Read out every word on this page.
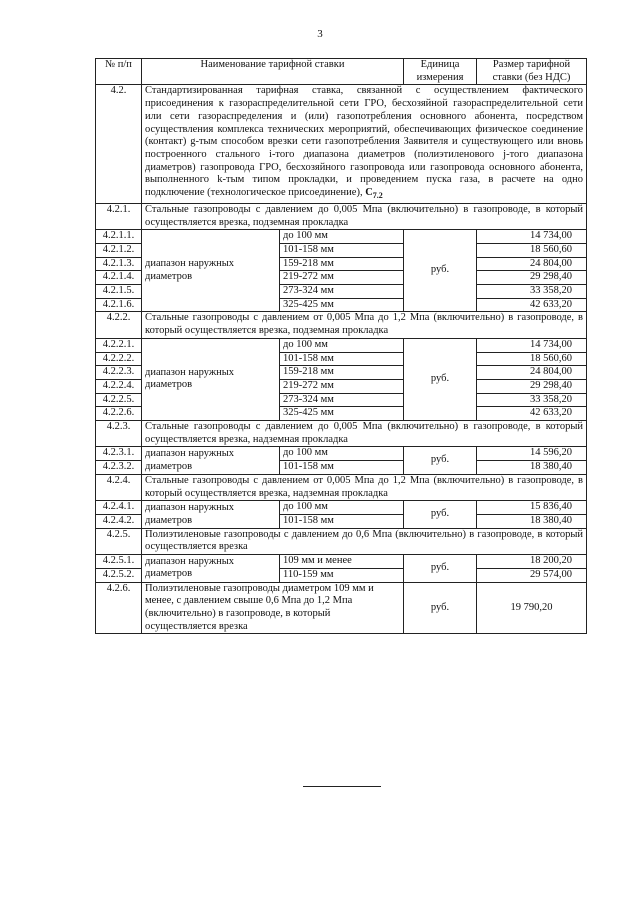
3
№ п/п	Наименование тарифной ставки		Единица измерения	Размер тарифной ставки (без НДС)
4.2.	Стандартизированная тарифная ставка, связанной с осуществлением фактического присоединения к газораспределительной сети ГРО, бесхозяйной газораспределительной сети или сети газораспределения и (или) газопотребления основного абонента, посредством осуществления комплекса технических мероприятий, обеспечивающих физическое соединение (контакт) g-тым способом врезки сети газопотребления Заявителя и существующего или вновь построенного стального i-того диапазона диаметров (полиэтиленового j-того диапазона диаметров) газопровода ГРО, бесхозяйного газопровода или газопровода основного абонента, выполненного k-тым типом прокладки, и проведением пуска газа, в расчете на одно подключение (технологическое присоединение), $C_{7.2}$
4.2.1.	Стальные газопроводы с давлением до 0,005 Мпа (включительно) в газопроводе, в который осуществляется врезка, подземная прокладка			
4.2.1.1.	диапазон наружных диаметров	до 100 мм	руб.	14 734,00
4.2.1.2.		101-158 мм		18 560,60
4.2.1.3.		159-218 мм		24 804,00
4.2.1.4.		219-272 мм		29 298,40
4.2.1.5.		273-324 мм		33 358,20
4.2.1.6.		325-425 мм		42 633,20
4.2.2.	Стальные газопроводы с давлением от 0,005 Мпа до 1,2 Мпа (включительно) в газопроводе, в который осуществляется врезка, подземная прокладка			
4.2.2.1.	диапазон наружных диаметров	до 100 мм	руб.	14 734,00
4.2.2.2.		101-158 мм		18 560,60
4.2.2.3.		159-218 мм		24 804,00
4.2.2.4.		219-272 мм		29 298,40
4.2.2.5.		273-324 мм		33 358,20
4.2.2.6.		325-425 мм		42 633,20
4.2.3.	Стальные газопроводы с давлением до 0,005 Мпа (включительно) в газопроводе, в который осуществляется врезка, надземная прокладка			
4.2.3.1.	диапазон наружных диаметров	до 100 мм	руб.	14 596,20
4.2.3.2.		101-158 мм		18 380,40
4.2.4.	Стальные газопроводы с давлением от 0,005 Мпа до 1,2 Мпа (включительно) в газопроводе, в который осуществляется врезка, надземная прокладка			
4.2.4.1.	диапазон наружных диаметров	до 100 мм	руб.	15 836,40
4.2.4.2.		101-158 мм		18 380,40
4.2.5.	Полиэтиленовые газопроводы с давлением до 0,6 Мпа (включительно) в газопроводе, в который осуществляется врезка			
4.2.5.1.	диапазон наружных диаметров	109 мм и менее	руб.	18 200,20
4.2.5.2.		110-159 мм		29 574,00
4.2.6.	Полиэтиленовые газопроводы диаметром 109 мм и менее, с давлением свыше 0,6 Мпа до 1,2 Мпа (включительно) в газопроводе, в который осуществляется врезка		руб.	19 790,20
